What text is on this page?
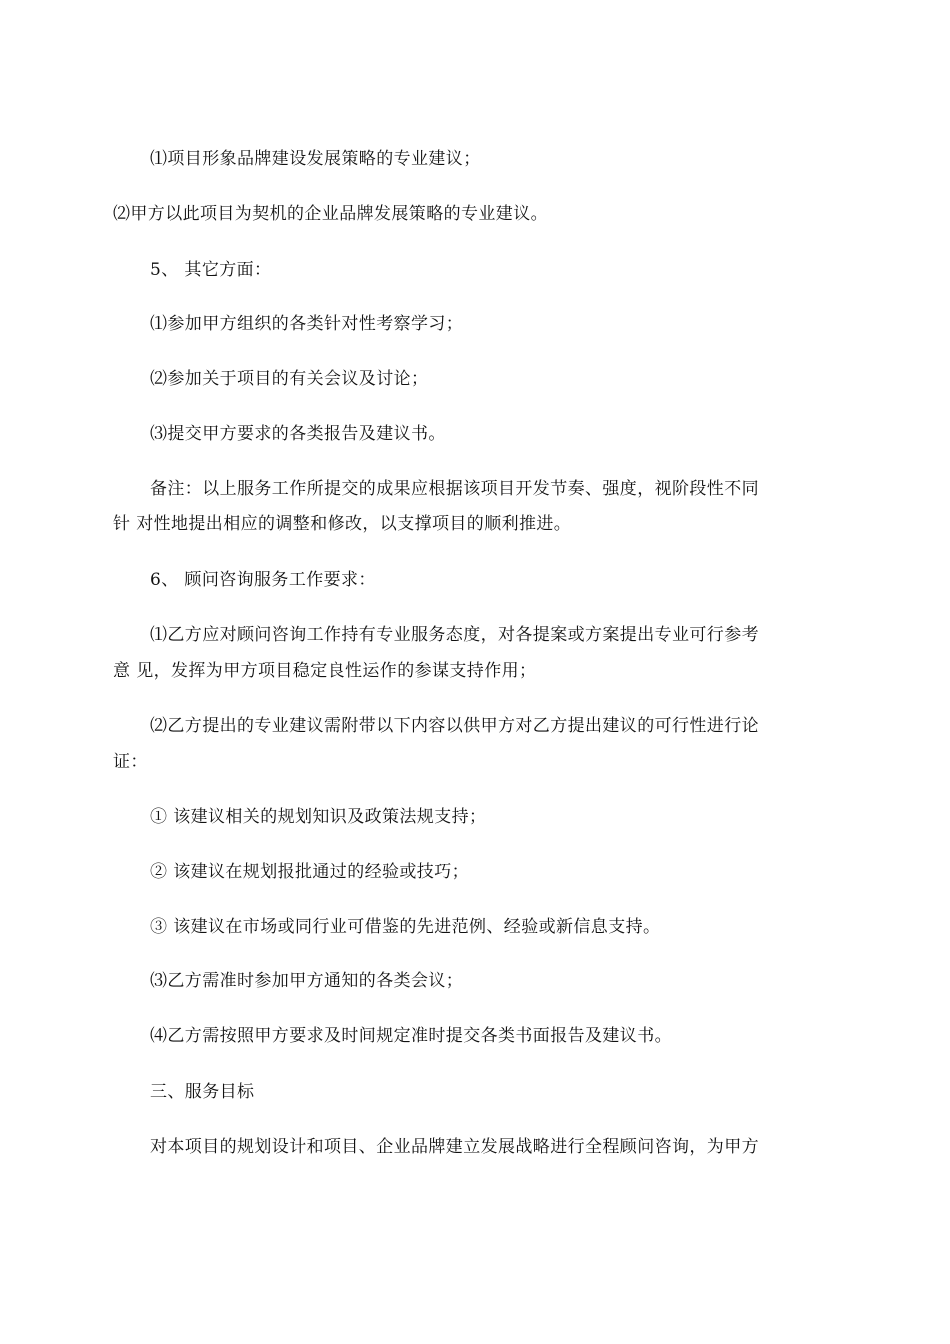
⑴项目形象品牌建设发展策略的专业建议；
⑵甲方以此项目为契机的企业品牌发展策略的专业建议。
5、 其它方面：
⑴参加甲方组织的各类针对性考察学习；
⑵参加关于项目的有关会议及讨论；
⑶提交甲方要求的各类报告及建议书。
备注：以上服务工作所提交的成果应根据该项目开发节奏、强度，视阶段性不同
针 对性地提出相应的调整和修改，以支撑项目的顺利推进。
6、 顾问咨询服务工作要求：
⑴乙方应对顾问咨询工作持有专业服务态度，对各提案或方案提出专业可行参考
意 见，发挥为甲方项目稳定良性运作的参谋支持作用；
⑵乙方提出的专业建议需附带以下内容以供甲方对乙方提出建议的可行性进行论
证：
① 该建议相关的规划知识及政策法规支持；
② 该建议在规划报批通过的经验或技巧；
③ 该建议在市场或同行业可借鉴的先进范例、经验或新信息支持。
⑶乙方需准时参加甲方通知的各类会议；
⑷乙方需按照甲方要求及时间规定准时提交各类书面报告及建议书。
三、服务目标
对本项目的规划设计和项目、企业品牌建立发展战略进行全程顾问咨询，为甲方
